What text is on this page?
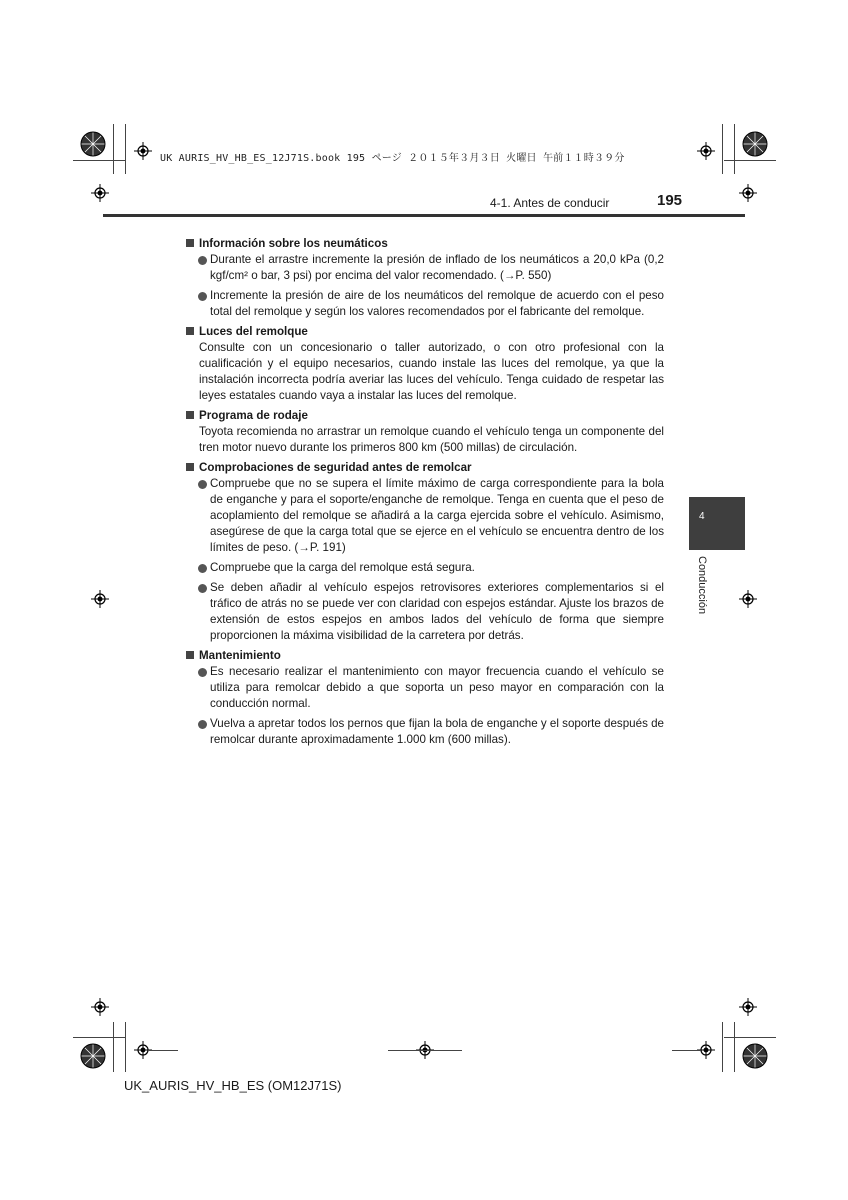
UK AURIS_HV_HB_ES_12J71S.book 195 ページ ２０１５年３月３日 火曜日 午前１１時３９分
4-1. Antes de conducir	195
4
Conducción

Información sobre los neumáticos

Durante el arrastre incremente la presión de inflado de los neumáticos a 20,0 kPa (0,2 kgf/cm² o bar, 3 psi) por encima del valor recomendado. (→P. 550)
Incremente la presión de aire de los neumáticos del remolque de acuerdo con el peso total del remolque y según los valores recomendados por el fabricante del remolque.

Luces del remolque

Consulte con un concesionario o taller autorizado, o con otro profesional con la cualificación y el equipo necesarios, cuando instale las luces del remolque, ya que la instalación incorrecta podría averiar las luces del vehículo. Tenga cuidado de respetar las leyes estatales cuando vaya a instalar las luces del remolque.

Programa de rodaje

Toyota recomienda no arrastrar un remolque cuando el vehículo tenga un componente del tren motor nuevo durante los primeros 800 km (500 millas) de circulación.

Comprobaciones de seguridad antes de remolcar

Compruebe que no se supera el límite máximo de carga correspondiente para la bola de enganche y para el soporte/enganche de remolque. Tenga en cuenta que el peso de acoplamiento del remolque se añadirá a la carga ejercida sobre el vehículo. Asimismo, asegúrese de que la carga total que se ejerce en el vehículo se encuentra dentro de los límites de peso. (→P. 191)
Compruebe que la carga del remolque está segura.
Se deben añadir al vehículo espejos retrovisores exteriores complementarios si el tráfico de atrás no se puede ver con claridad con espejos estándar. Ajuste los brazos de extensión de estos espejos en ambos lados del vehículo de forma que siempre proporcionen la máxima visibilidad de la carretera por detrás.

Mantenimiento

Es necesario realizar el mantenimiento con mayor frecuencia cuando el vehículo se utiliza para remolcar debido a que soporta un peso mayor en comparación con la conducción normal.
Vuelva a apretar todos los pernos que fijan la bola de enganche y el soporte después de remolcar durante aproximadamente 1.000 km (600 millas).
UK_AURIS_HV_HB_ES (OM12J71S)
